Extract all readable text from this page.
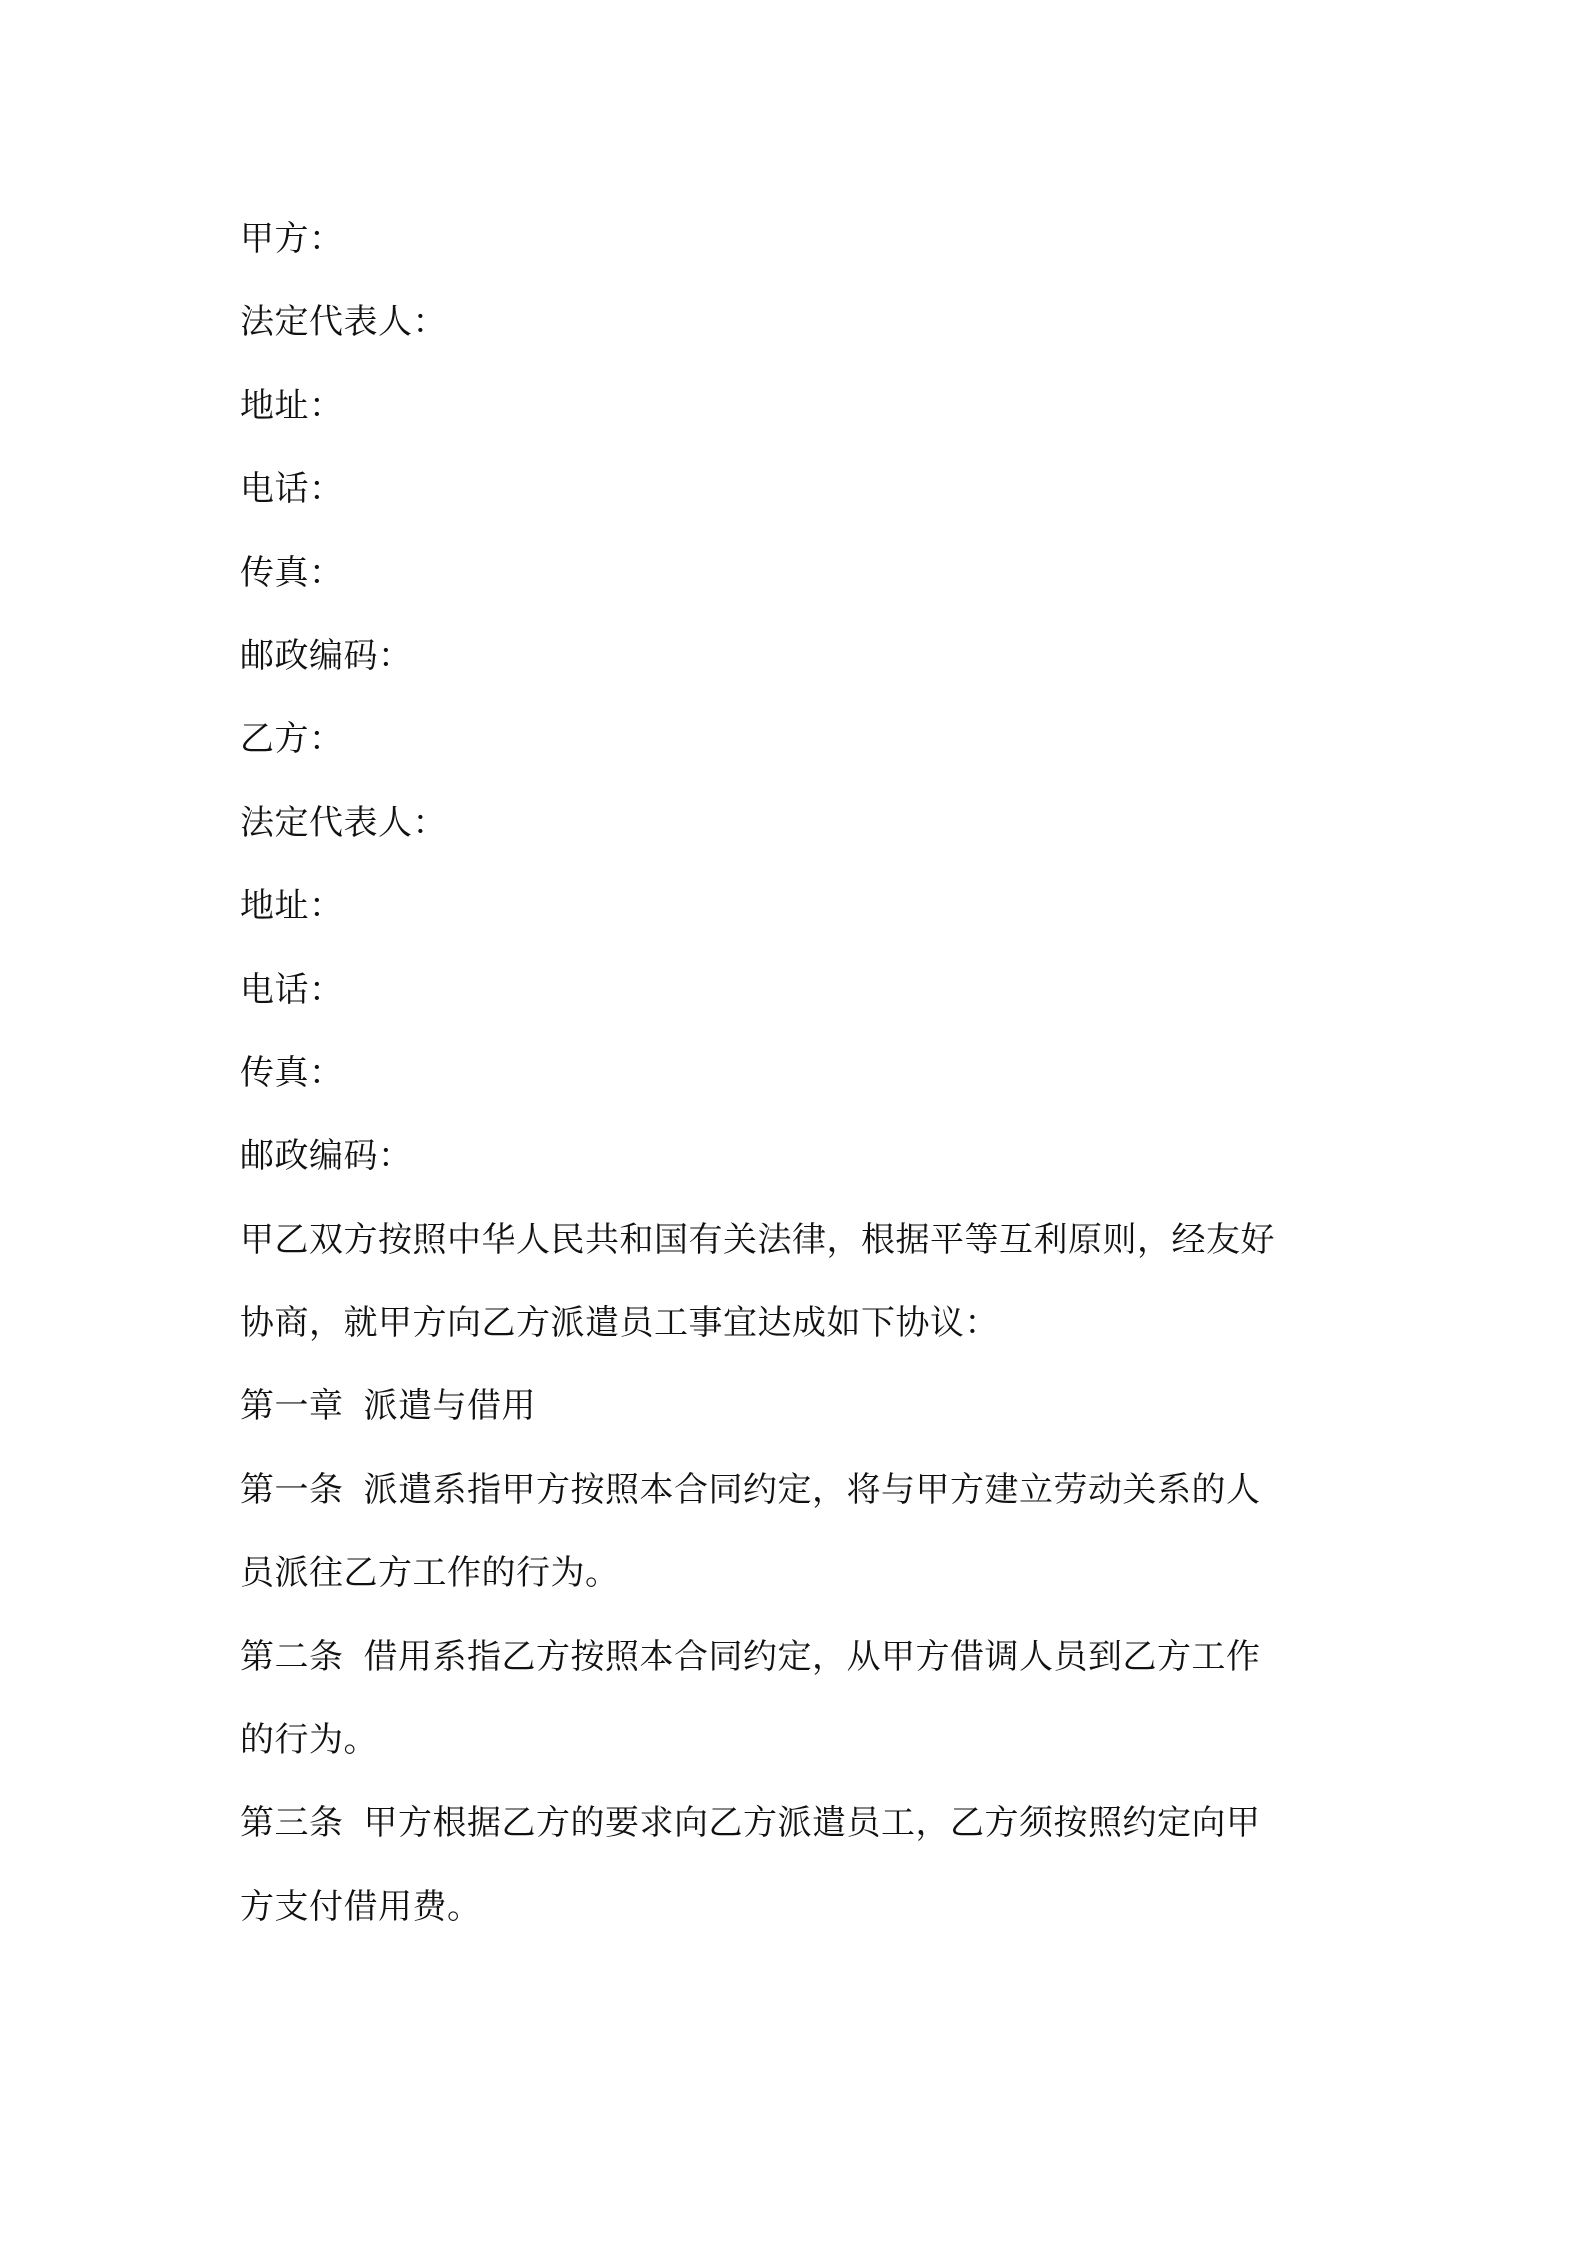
甲方：
法定代表人：
地址：
电话：
传真：
邮政编码：
乙方：
法定代表人：
地址：
电话：
传真：
邮政编码：
甲乙双方按照中华人民共和国有关法律，根据平等互利原则，经友好
协商，就甲方向乙方派遣员工事宜达成如下协议：
第一章 派遣与借用
第一条 派遣系指甲方按照本合同约定，将与甲方建立劳动关系的人
员派往乙方工作的行为。
第二条 借用系指乙方按照本合同约定，从甲方借调人员到乙方工作
的行为。
第三条 甲方根据乙方的要求向乙方派遣员工，乙方须按照约定向甲
方支付借用费。
